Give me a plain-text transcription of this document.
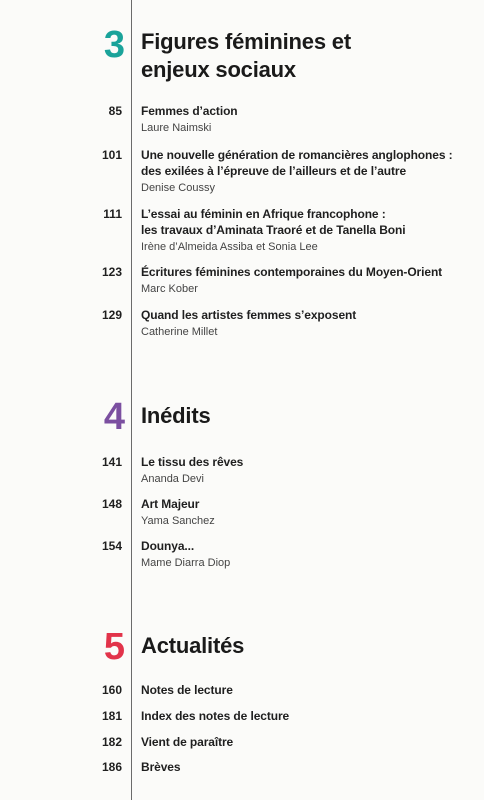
3 Figures féminines et
enjeux sociaux
85 Femmes d’action
Laure Naimski
101 Une nouvelle génération de romancières anglophones :
des exilées à l’épreuve de l’ailleurs et de l’autre
Denise Coussy
111 L’essai au féminin en Afrique francophone :
les travaux d’Aminata Traoré et de Tanella Boni
Irène d’Almeida Assiba et Sonia Lee
123 Écritures féminines contemporaines du Moyen-Orient
Marc Kober
129 Quand les artistes femmes s’exposent
Catherine Millet
4 Inédits
141 Le tissu des rêves
Ananda Devi
148 Art Majeur
Yama Sanchez
154 Dounya...
Mame Diarra Diop
5 Actualités
160 Notes de lecture
181 Index des notes de lecture
182 Vient de paraître
186 Brèves
